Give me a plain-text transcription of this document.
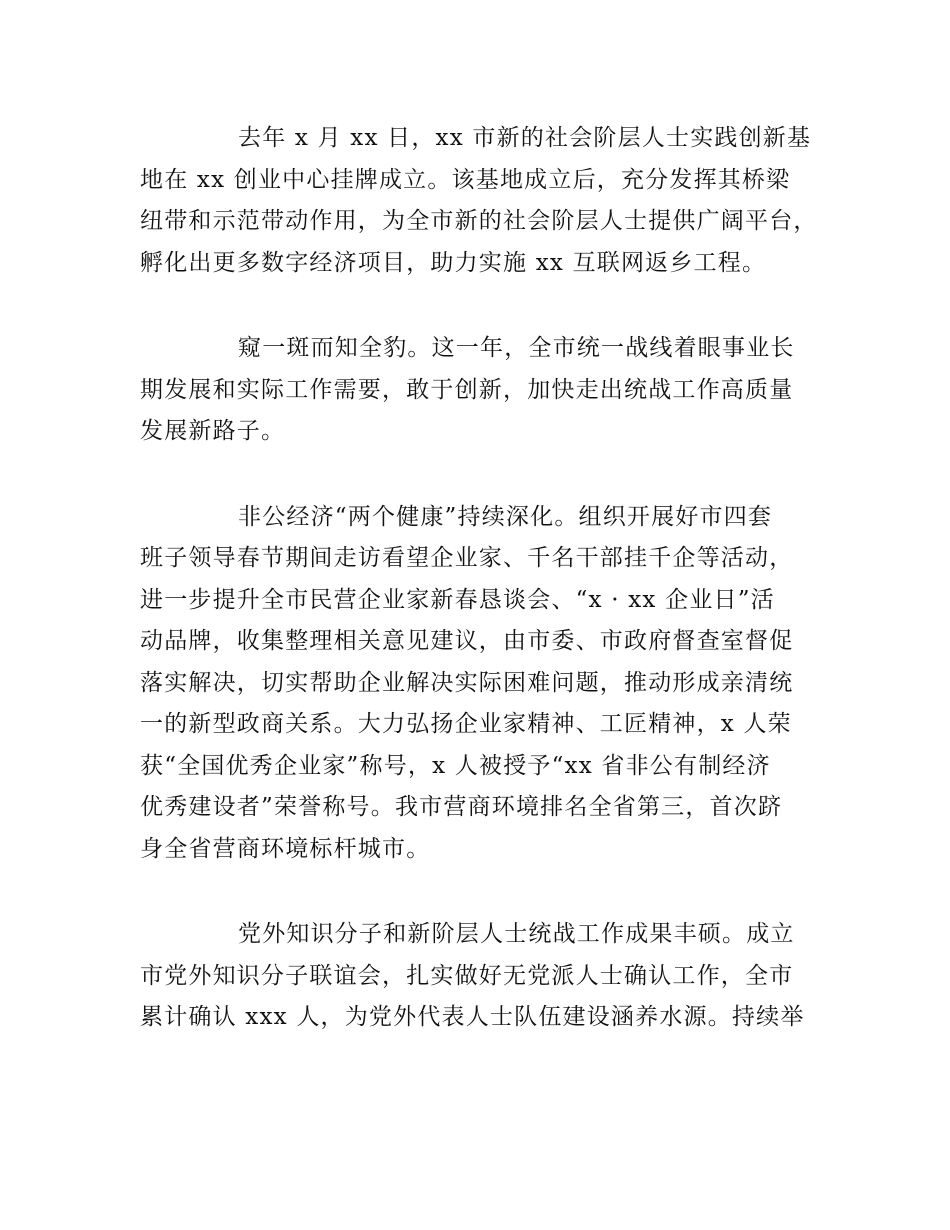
去年 x 月 xx 日，xx 市新的社会阶层人士实践创新基
地在 xx 创业中心挂牌成立。该基地成立后，充分发挥其桥梁
纽带和示范带动作用，为全市新的社会阶层人士提供广阔平台，
孵化出更多数字经济项目，助力实施 xx 互联网返乡工程。
窥一斑而知全豹。这一年，全市统一战线着眼事业长
期发展和实际工作需要，敢于创新，加快走出统战工作高质量
发展新路子。
非公经济“两个健康”持续深化。组织开展好市四套
班子领导春节期间走访看望企业家、千名干部挂千企等活动，
进一步提升全市民营企业家新春恳谈会、“x · xx 企业日”活
动品牌，收集整理相关意见建议，由市委、市政府督查室督促
落实解决，切实帮助企业解决实际困难问题，推动形成亲清统
一的新型政商关系。大力弘扬企业家精神、工匠精神，x 人荣
获“全国优秀企业家”称号，x 人被授予“xx 省非公有制经济
优秀建设者”荣誉称号。我市营商环境排名全省第三，首次跻
身全省营商环境标杆城市。
党外知识分子和新阶层人士统战工作成果丰硕。成立
市党外知识分子联谊会，扎实做好无党派人士确认工作，全市
累计确认 xxx 人，为党外代表人士队伍建设涵养水源。持续举
